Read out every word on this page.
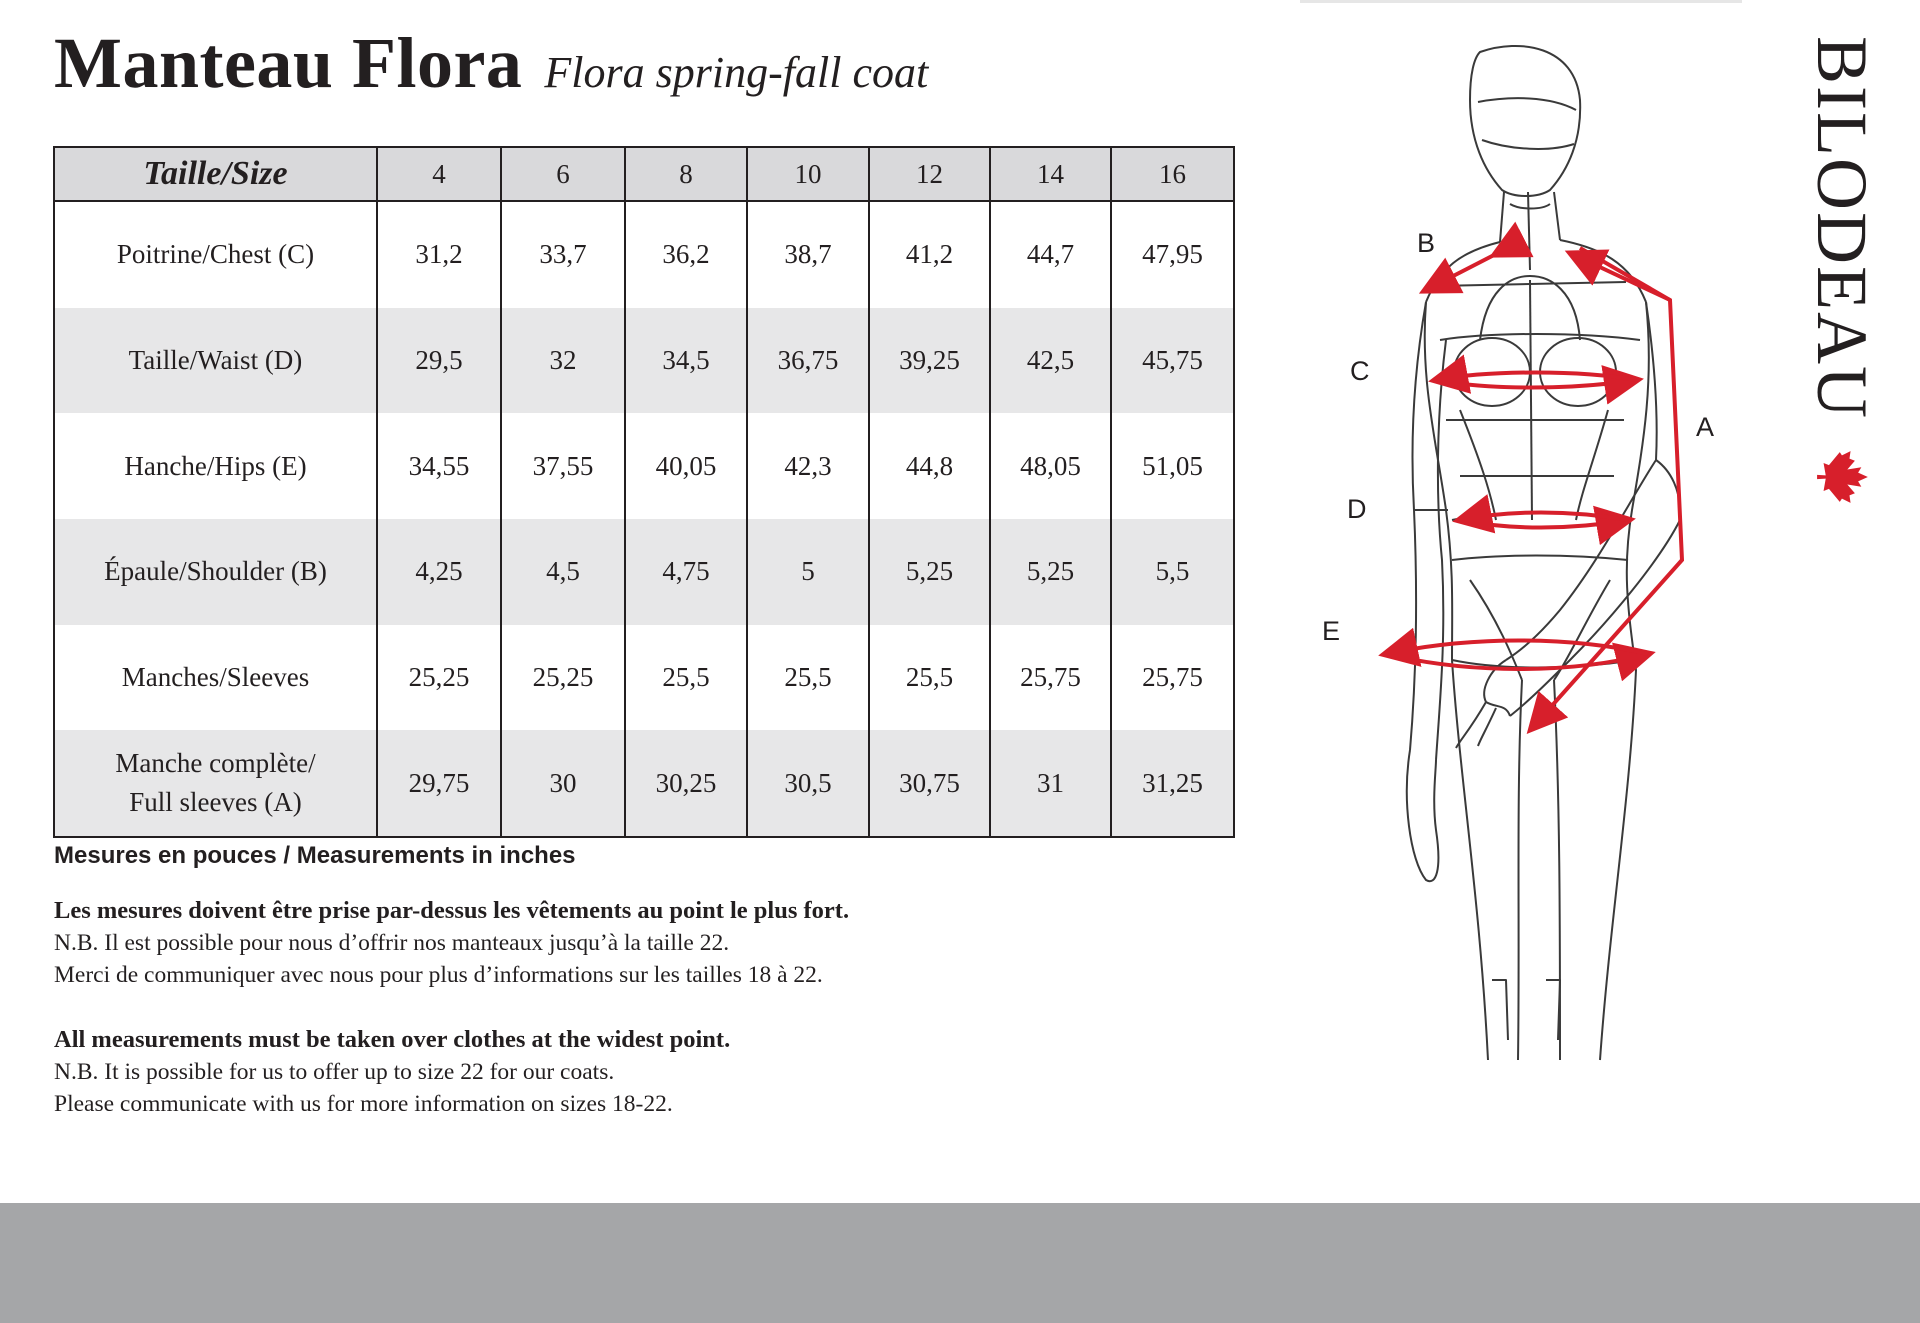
Manteau Flora Flora spring-fall coat
Taille/Size	4	6	8	10	12	14	16
Poitrine/Chest (C)	31,2	33,7	36,2	38,7	41,2	44,7	47,95
Taille/Waist (D)	29,5	32	34,5	36,75	39,25	42,5	45,75
Hanche/Hips (E)	34,55	37,55	40,05	42,3	44,8	48,05	51,05
Épaule/Shoulder (B)	4,25	4,5	4,75	5	5,25	5,25	5,5
Manches/Sleeves	25,25	25,25	25,5	25,5	25,5	25,75	25,75
Manche complète/
Full sleeves (A)	29,75	30	30,25	30,5	30,75	31	31,25
Mesures en pouces / Measurements in inches

Les mesures doivent être prise par-dessus les vêtements au point le plus fort.

N.B. Il est possible pour nous d’offrir nos manteaux jusqu’à la taille 22.

Merci de communiquer avec nous pour plus d’informations sur les tailles 18 à 22.

All measurements must be taken over clothes at the widest point.

N.B. It is possible for us to offer up to size 22 for our coats.

Please communicate with us for more information on sizes 18-22.

B
C
A
D
E
BILODEAU
